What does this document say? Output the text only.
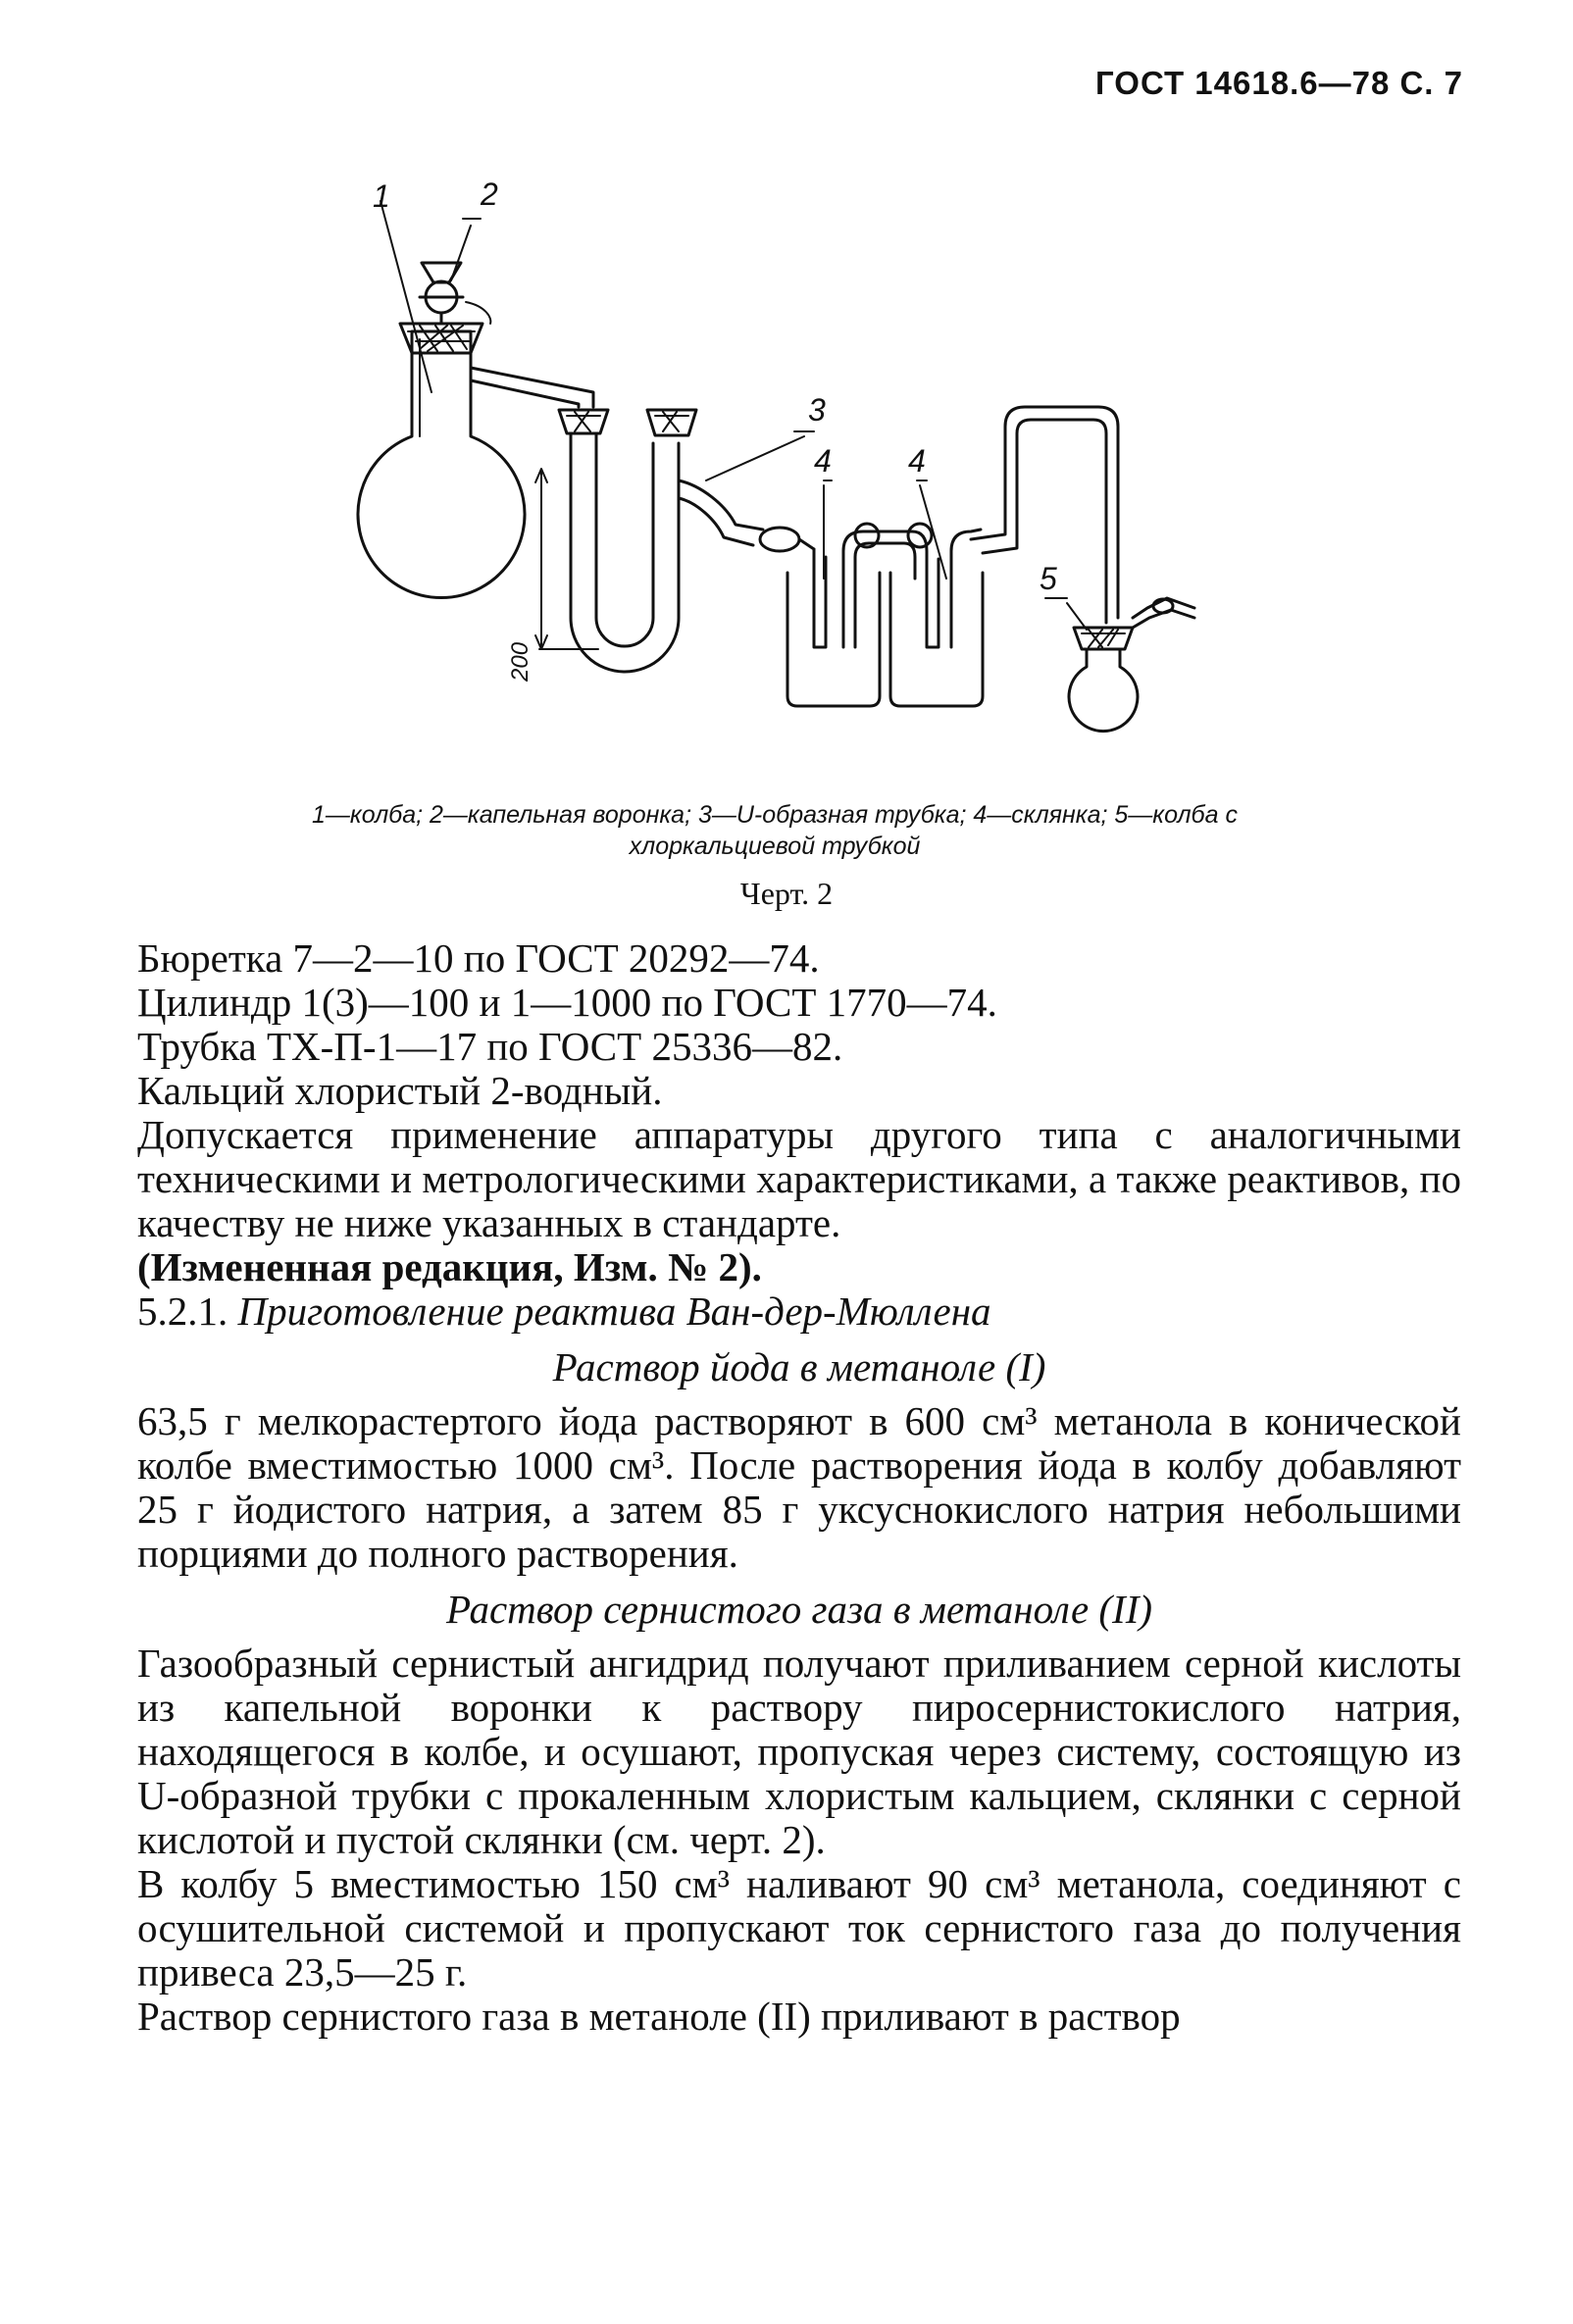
ГОСТ 14618.6—78 С. 7
1	2
3
4 4
5
200
1—колба; 2—капельная воронка; 3—U-образная трубка; 4—склянка; 5—колба с хлоркальциевой трубкой
Черт. 2

Бюретка 7—2—10 по ГОСТ 20292—74.

Цилиндр 1(3)—100 и 1—1000 по ГОСТ 1770—74.

Трубка ТХ-П-1—17 по ГОСТ 25336—82.

Кальций хлористый 2-водный.

Допускается применение аппаратуры другого типа с аналогичными техническими и метрологическими характеристиками, а также реактивов, по качеству не ниже указанных в стандарте.

(Измененная редакция, Изм. № 2).

5.2.1. Приготовление реактива Ван-дер-Мюллена

Раствор йода в метаноле (I)

63,5 г мелкорастертого йода растворяют в 600 см³ метанола в конической колбе вместимостью 1000 см³. После растворения йода в колбу добавляют 25 г йодистого натрия, а затем 85 г уксуснокислого натрия небольшими порциями до полного растворения.

Раствор сернистого газа в метаноле (II)

Газообразный сернистый ангидрид получают приливанием серной кислоты из капельной воронки к раствору пиросернистокислого натрия, находящегося в колбе, и осушают, пропуская через систему, состоящую из U-образной трубки с прокаленным хлористым кальцием, склянки с серной кислотой и пустой склянки (см. черт. 2).

В колбу 5 вместимостью 150 см³ наливают 90 см³ метанола, соединяют с осушительной системой и пропускают ток сернистого газа до получения привеса 23,5—25 г.

Раствор сернистого газа в метаноле (II) приливают в раствор
